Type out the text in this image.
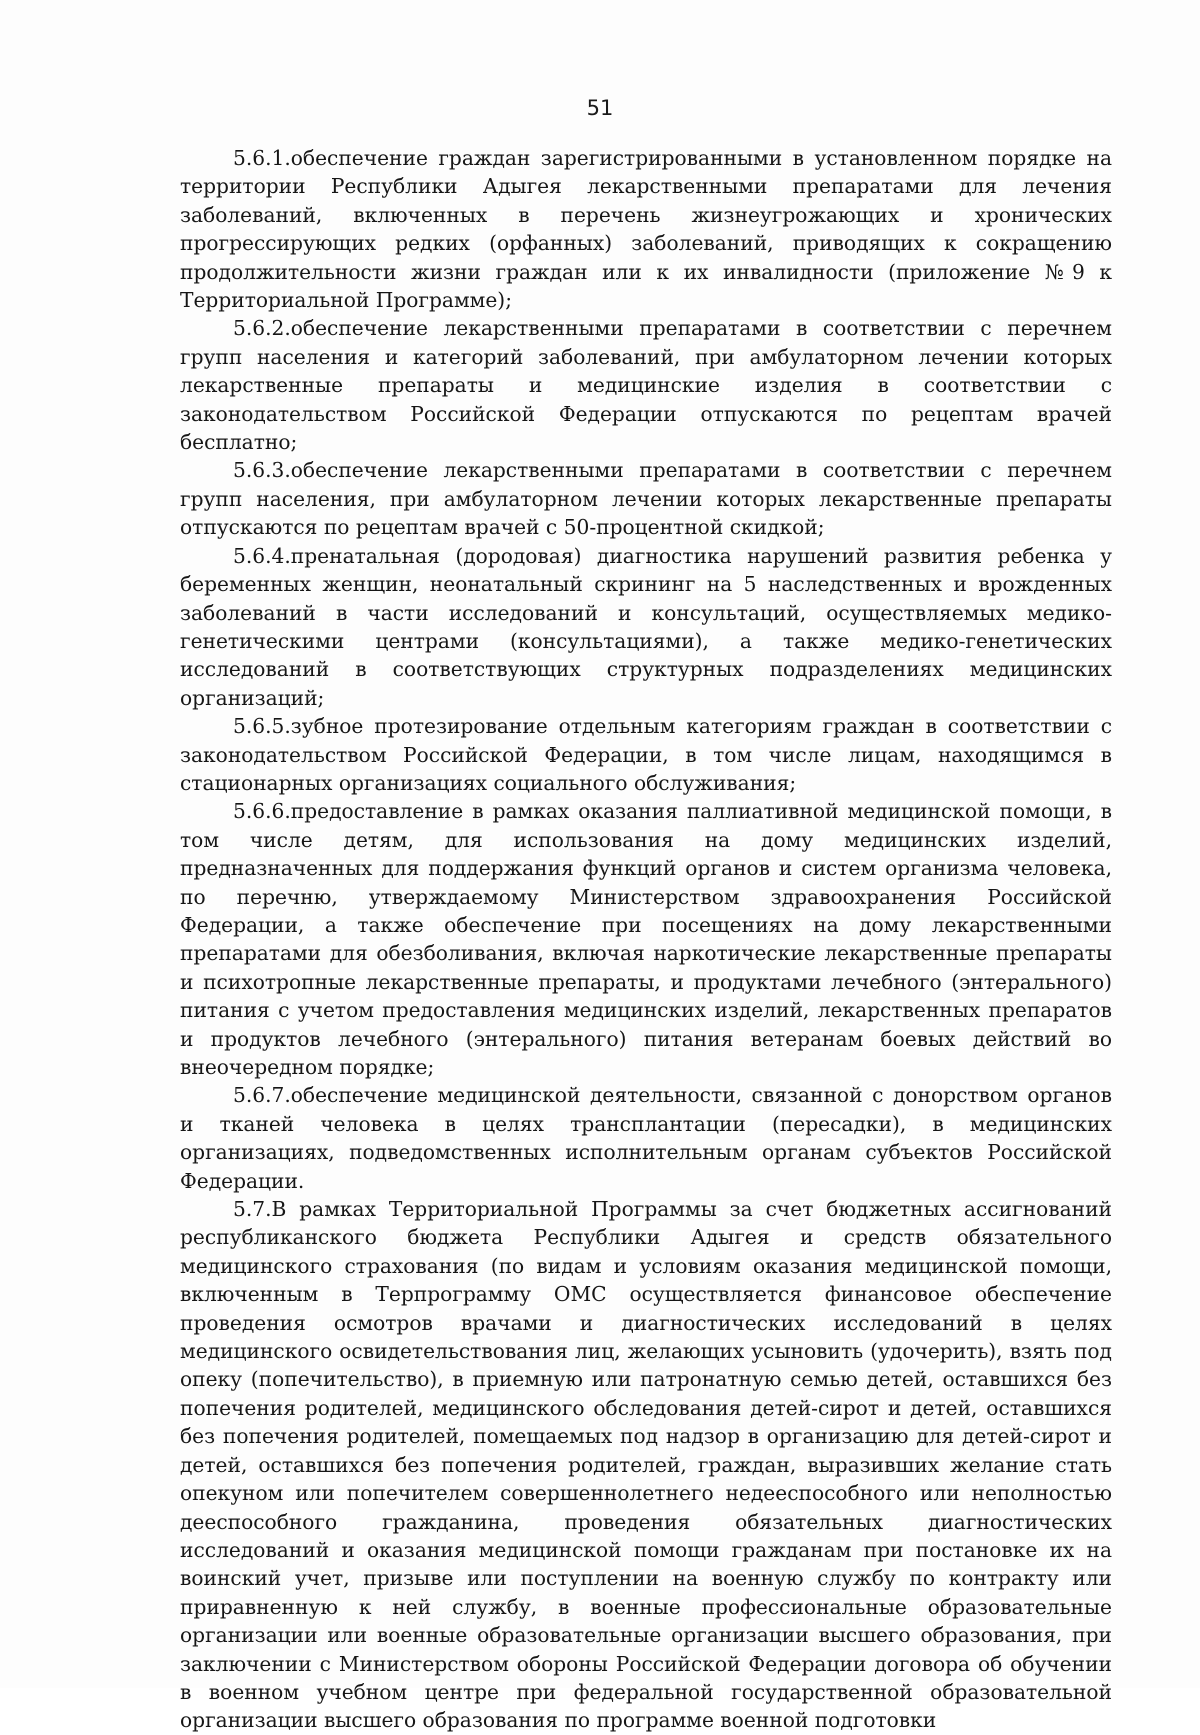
51

5.6.1.обеспечение граждан зарегистрированными в установленном порядке на территории Республики Адыгея лекарственными препаратами для лечения заболеваний, включенных в перечень жизнеугрожающих и хронических прогрессирующих редких (орфанных) заболеваний, приводящих к сокращению продолжительности жизни граждан или к их инвалидности (приложение №9 к Территориальной Программе);

5.6.2.обеспечение лекарственными препаратами в соответствии с перечнем групп населения и категорий заболеваний, при амбулаторном лечении которых лекарственные препараты и медицинские изделия в соответствии с законодательством Российской Федерации отпускаются по рецептам врачей бесплатно;

5.6.3.обеспечение лекарственными препаратами в соответствии с перечнем групп населения, при амбулаторном лечении которых лекарственные препараты отпускаются по рецептам врачей с 50-процентной скидкой;

5.6.4.пренатальная (дородовая) диагностика нарушений развития ребенка у беременных женщин, неонатальный скрининг на 5 наследственных и врожденных заболеваний в части исследований и консультаций, осуществляемых медико-генетическими центрами (консультациями), а также медико-генетических исследований в соответствующих структурных подразделениях медицинских организаций;

5.6.5.зубное протезирование отдельным категориям граждан в соответствии с законодательством Российской Федерации, в том числе лицам, находящимся в стационарных организациях социального обслуживания;

5.6.6.предоставление в рамках оказания паллиативной медицинской помощи, в том числе детям, для использования на дому медицинских изделий, предназначенных для поддержания функций органов и систем организма человека, по перечню, утверждаемому Министерством здравоохранения Российской Федерации, а также обеспечение при посещениях на дому лекарственными препаратами для обезболивания, включая наркотические лекарственные препараты и психотропные лекарственные препараты, и продуктами лечебного (энтерального) питания с учетом предоставления медицинских изделий, лекарственных препаратов и продуктов лечебного (энтерального) питания ветеранам боевых действий во внеочередном порядке;

5.6.7.обеспечение медицинской деятельности, связанной с донорством органов и тканей человека в целях трансплантации (пересадки), в медицинских организациях, подведомственных исполнительным органам субъектов Российской Федерации.

5.7.В рамках Территориальной Программы за счет бюджетных ассигнований республиканского бюджета Республики Адыгея и средств обязательного медицинского страхования (по видам и условиям оказания медицинской помощи, включенным в Терпрограмму ОМС осуществляется финансовое обеспечение проведения осмотров врачами и диагностических исследований в целях медицинского освидетельствования лиц, желающих усыновить (удочерить), взять под опеку (попечительство), в приемную или патронатную семью детей, оставшихся без попечения родителей, медицинского обследования детей-сирот и детей, оставшихся без попечения родителей, помещаемых под надзор в организацию для детей-сирот и детей, оставшихся без попечения родителей, граждан, выразивших желание стать опекуном или попечителем совершеннолетнего недееспособного или неполностью дееспособного гражданина, проведения обязательных диагностических исследований и оказания медицинской помощи гражданам при постановке их на воинский учет, призыве или поступлении на военную службу по контракту или приравненную к ней службу, в военные профессиональные образовательные организации или военные образовательные организации высшего образования, при заключении с Министерством обороны Российской Федерации договора об обучении в военном учебном центре при федеральной государственной образовательной организации высшего образования по программе военной подготовки
